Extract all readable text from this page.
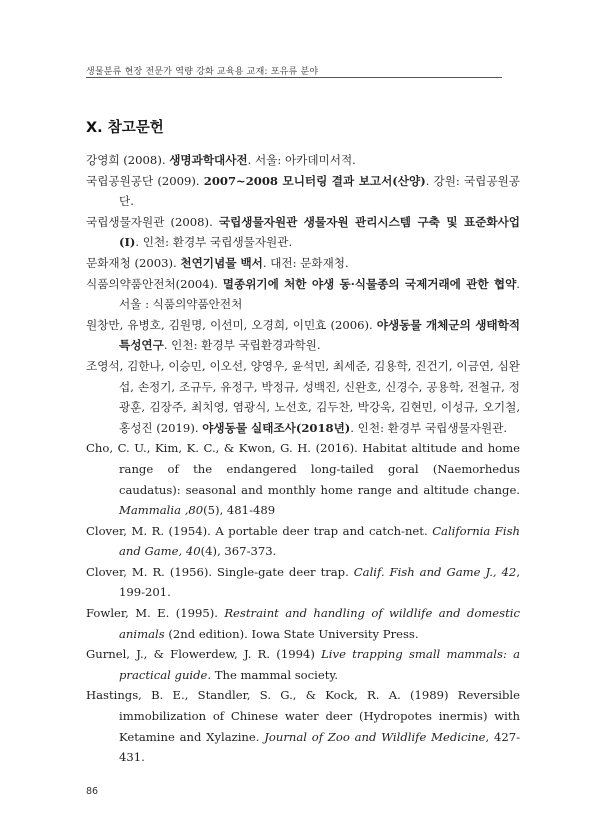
생물분류 현장 전문가 역량 강화 교육용 교재: 포유류 분야
X. 참고문헌

강영희 (2008). 생명과학대사전. 서울: 아카데미서적.

국립공원공단 (2009). 2007~2008 모니터링 결과 보고서(산양). 강원: 국립공원공단.

국립생물자원관 (2008). 국립생물자원관 생물자원 관리시스템 구축 및 표준화사업 (I). 인천: 환경부 국립생물자원관.

문화재청 (2003). 천연기념물 백서. 대전: 문화재청.

식품의약품안전처(2004). 멸종위기에 처한 야생 동·식물종의 국제거래에 관한 협약. 서울 : 식품의약품안전처

원창만, 유병호, 김원명, 이선미, 오경희, 이민효 (2006). 야생동물 개체군의 생태학적 특성연구. 인천: 환경부 국립환경과학원.

조영석, 김한나, 이승민, 이오선, 양영우, 윤석민, 최세준, 김용학, 진건기, 이금연, 심완섭, 손정기, 조규두, 유정구, 박정규, 성백진, 신완호, 신경수, 공용학, 전철규, 정광훈, 김장주, 최치영, 염광식, 노선호, 김두찬, 박강욱, 김현민, 이성규, 오기철, 홍성진 (2019). 야생동물 실태조사(2018년). 인천: 환경부 국립생물자원관.

Cho, C. U., Kim, K. C., & Kwon, G. H. (2016). Habitat altitude and home range of the endangered long-tailed goral (Naemorhedus caudatus): seasonal and monthly home range and altitude change. Mammalia ,80(5), 481-489

Clover, M. R. (1954). A portable deer trap and catch-net. California Fish and Game, 40(4), 367-373.

Clover, M. R. (1956). Single-gate deer trap. Calif. Fish and Game J., 42, 199-201.

Fowler, M. E. (1995). Restraint and handling of wildlife and domestic animals (2nd edition). Iowa State University Press.

Gurnel, J., & Flowerdew, J. R. (1994) Live trapping small mammals: a practical guide. The mammal society.

Hastings, B. E., Standler, S. G., & Kock, R. A. (1989) Reversible immobilization of Chinese water deer (Hydropotes inermis) with Ketamine and Xylazine. Journal of Zoo and Wildlife Medicine, 427-431.

86
